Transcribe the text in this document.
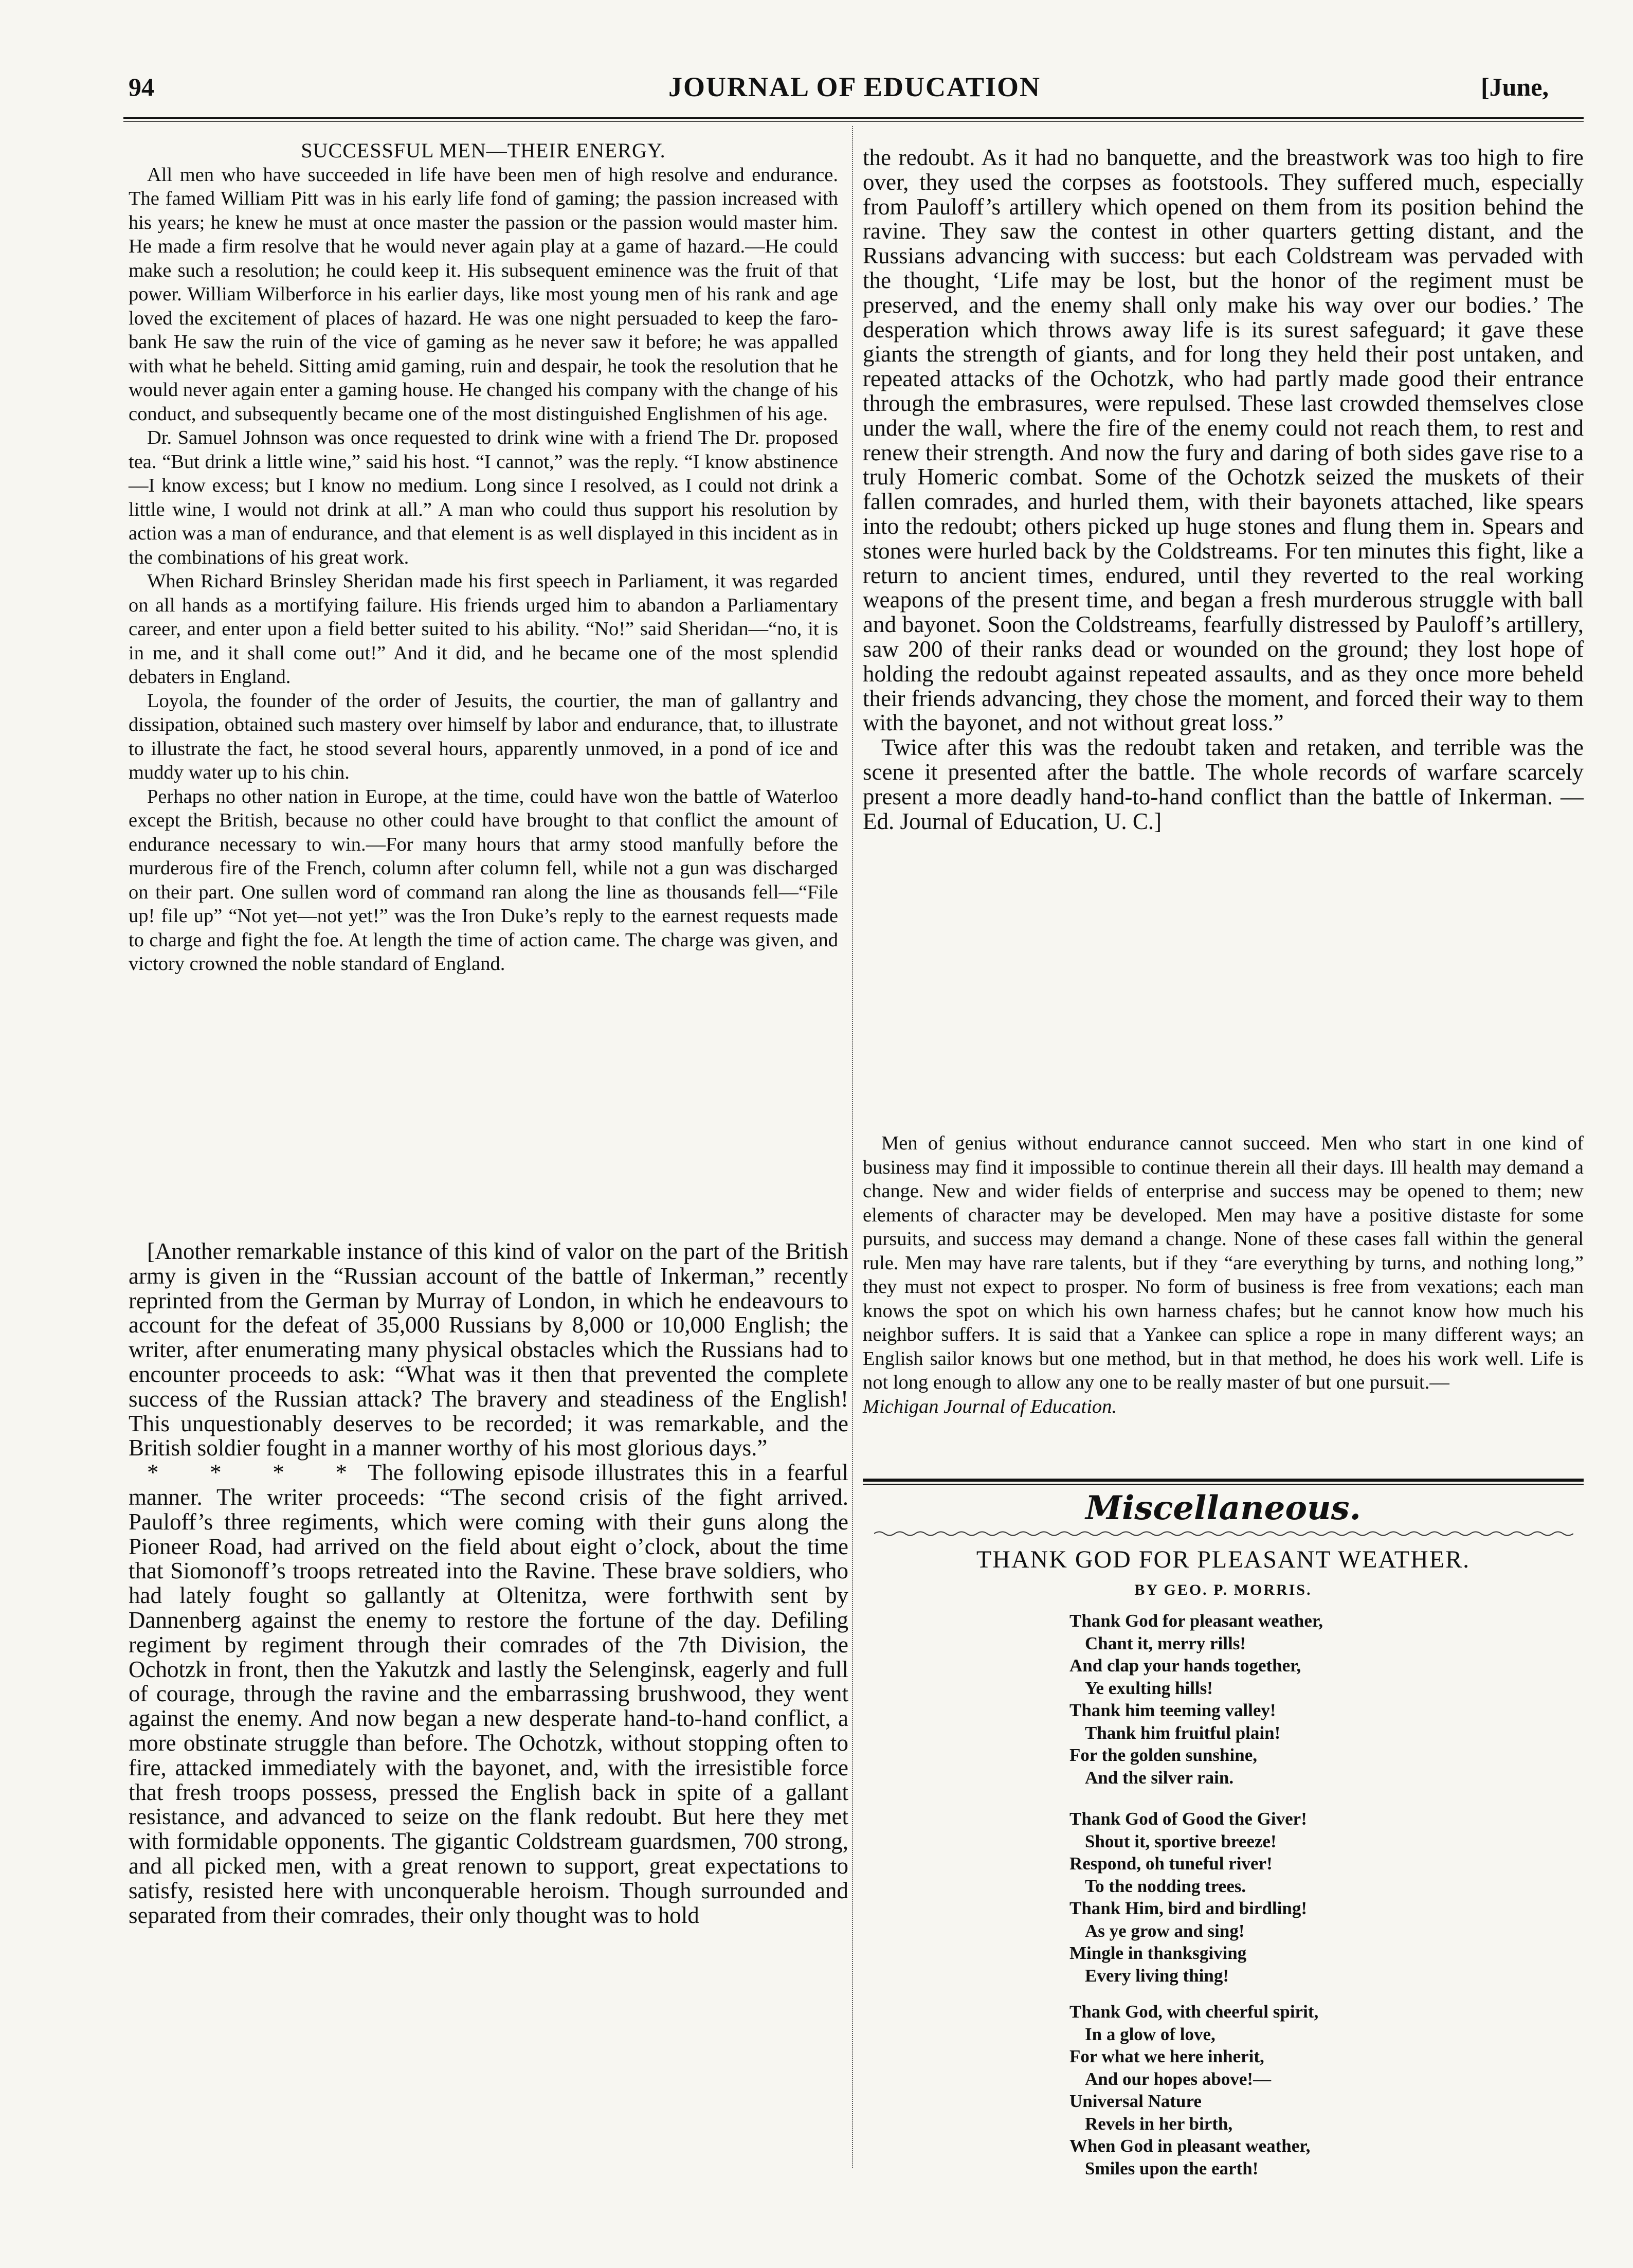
94	JOURNAL OF EDUCATION	[June,

SUCCESSFUL MEN—THEIR ENERGY.

All men who have succeeded in life have been men of high resolve and endurance. The famed William Pitt was in his early life fond of gaming; the passion increased with his years; he knew he must at once master the passion or the passion would master him. He made a firm resolve that he would never again play at a game of hazard.—He could make such a resolution; he could keep it. His subsequent eminence was the fruit of that power. William Wilberforce in his earlier days, like most young men of his rank and age loved the excitement of places of hazard. He was one night persuaded to keep the faro-bank He saw the ruin of the vice of gaming as he never saw it before; he was appalled with what he beheld. Sitting amid gaming, ruin and despair, he took the resolution that he would never again enter a gaming house. He changed his company with the change of his conduct, and subsequently became one of the most distinguished Englishmen of his age.

Dr. Samuel Johnson was once requested to drink wine with a friend The Dr. proposed tea. “But drink a little wine,” said his host. “I cannot,” was the reply. “I know abstinence—I know excess; but I know no medium. Long since I resolved, as I could not drink a little wine, I would not drink at all.” A man who could thus support his resolution by action was a man of endurance, and that element is as well displayed in this incident as in the combinations of his great work.

When Richard Brinsley Sheridan made his first speech in Parliament, it was regarded on all hands as a mortifying failure. His friends urged him to abandon a Parliamentary career, and enter upon a field better suited to his ability. “No!” said Sheridan—“no, it is in me, and it shall come out!” And it did, and he became one of the most splendid debaters in England.

Loyola, the founder of the order of Jesuits, the courtier, the man of gallantry and dissipation, obtained such mastery over himself by labor and endurance, that, to illustrate to illustrate the fact, he stood several hours, apparently unmoved, in a pond of ice and muddy water up to his chin.

Perhaps no other nation in Europe, at the time, could have won the battle of Waterloo except the British, because no other could have brought to that conflict the amount of endurance necessary to win.—For many hours that army stood manfully before the murderous fire of the French, column after column fell, while not a gun was discharged on their part. One sullen word of command ran along the line as thousands fell—“File up! file up” “Not yet—not yet!” was the Iron Duke’s reply to the earnest requests made to charge and fight the foe. At length the time of action came. The charge was given, and victory crowned the noble standard of England.

[Another remarkable instance of this kind of valor on the part of the British army is given in the “Russian account of the battle of Inkerman,” recently reprinted from the German by Murray of London, in which he endeavours to account for the defeat of 35,000 Russians by 8,000 or 10,000 English; the writer, after enumerating many physical obstacles which the Russians had to encounter proceeds to ask: “What was it then that prevented the complete success of the Russian attack? The bravery and steadiness of the English! This unquestionably deserves to be recorded; it was remarkable, and the British soldier fought in a manner worthy of his most glorious days.”

* * * *The following episode illustrates this in a fearful manner. The writer proceeds: “The second crisis of the fight arrived. Pauloff’s three regiments, which were coming with their guns along the Pioneer Road, had arrived on the field about eight o’clock, about the time that Siomonoff’s troops retreated into the Ravine. These brave soldiers, who had lately fought so gallantly at Oltenitza, were forthwith sent by Dannenberg against the enemy to restore the fortune of the day. Defiling regiment by regiment through their comrades of the 7th Division, the Ochotzk in front, then the Yakutzk and lastly the Selenginsk, eagerly and full of courage, through the ravine and the embarrassing brushwood, they went against the enemy. And now began a new desperate hand-to-hand conflict, a more obstinate struggle than before. The Ochotzk, without stopping often to fire, attacked immediately with the bayonet, and, with the irresistible force that fresh troops possess, pressed the English back in spite of a gallant resistance, and advanced to seize on the flank redoubt. But here they met with formidable opponents. The gigantic Coldstream guardsmen, 700 strong, and all picked men, with a great renown to support, great expectations to satisfy, resisted here with unconquerable heroism. Though surrounded and separated from their comrades, their only thought was to hold

the redoubt. As it had no banquette, and the breastwork was too high to fire over, they used the corpses as footstools. They suffered much, especially from Pauloff’s artillery which opened on them from its position behind the ravine. They saw the contest in other quarters getting distant, and the Russians advancing with success: but each Coldstream was pervaded with the thought, ‘Life may be lost, but the honor of the regiment must be preserved, and the enemy shall only make his way over our bodies.’ The desperation which throws away life is its surest safeguard; it gave these giants the strength of giants, and for long they held their post untaken, and repeated attacks of the Ochotzk, who had partly made good their entrance through the embrasures, were repulsed. These last crowded themselves close under the wall, where the fire of the enemy could not reach them, to rest and renew their strength. And now the fury and daring of both sides gave rise to a truly Homeric combat. Some of the Ochotzk seized the muskets of their fallen comrades, and hurled them, with their bayonets attached, like spears into the redoubt; others picked up huge stones and flung them in. Spears and stones were hurled back by the Coldstreams. For ten minutes this fight, like a return to ancient times, endured, until they reverted to the real working weapons of the present time, and began a fresh murderous struggle with ball and bayonet. Soon the Coldstreams, fearfully distressed by Pauloff’s artillery, saw 200 of their ranks dead or wounded on the ground; they lost hope of holding the redoubt against repeated assaults, and as they once more beheld their friends advancing, they chose the moment, and forced their way to them with the bayonet, and not without great loss.”

Twice after this was the redoubt taken and retaken, and terrible was the scene it presented after the battle. The whole records of warfare scarcely present a more deadly hand-to-hand conflict than the battle of Inkerman. —Ed. Journal of Education, U. C.]

Men of genius without endurance cannot succeed. Men who start in one kind of business may find it impossible to continue therein all their days. Ill health may demand a change. New and wider fields of enterprise and success may be opened to them; new elements of character may be developed. Men may have a positive distaste for some pursuits, and success may demand a change. None of these cases fall within the general rule. Men may have rare talents, but if they “are everything by turns, and nothing long,” they must not expect to prosper. No form of business is free from vexations; each man knows the spot on which his own harness chafes; but he cannot know how much his neighbor suffers. It is said that a Yankee can splice a rope in many different ways; an English sailor knows but one method, but in that method, he does his work well. Life is not long enough to allow any one to be really master of but one pursuit.—
Michigan Journal of Education.

Miscellaneous.
THANK GOD FOR PLEASANT WEATHER.
BY GEO. P. MORRIS.
Thank God for pleasant weather,
Chant it, merry rills!
And clap your hands together,
Ye exulting hills!
Thank him teeming valley!
Thank him fruitful plain!
For the golden sunshine,
And the silver rain.
Thank God of Good the Giver!
Shout it, sportive breeze!
Respond, oh tuneful river!
To the nodding trees.
Thank Him, bird and birdling!
As ye grow and sing!
Mingle in thanksgiving
Every living thing!
Thank God, with cheerful spirit,
In a glow of love,
For what we here inherit,
And our hopes above!—
Universal Nature
Revels in her birth,
When God in pleasant weather,
Smiles upon the earth!
